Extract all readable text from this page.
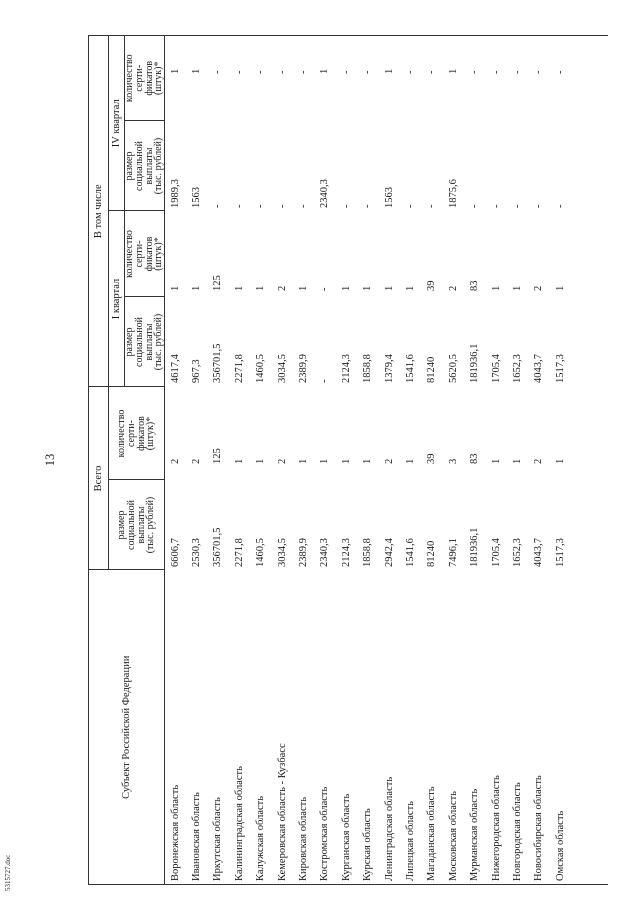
13
5315727.doc
Субъект Российской Федерации	Всего		В том числе			
	размер
социальной
выплаты
(тыс. рублей)	количество
серти-
фикатов
(штук)*	I квартал		IV квартал	
			размер
социальной
выплаты
(тыс. рублей)	количество
серти-
фикатов
(штук)*	размер
социальной
выплаты
(тыс. рублей)	количество
серти-
фикатов
(штук)*
Воронежская область	6606,7	2	4617,4	1	1989,3	1
Ивановская область	2530,3	2	967,3	1	1563	1
Иркутская область	356701,5	125	356701,5	125	-	-
Калининградская область	2271,8	1	2271,8	1	-	-
Калужская область	1460,5	1	1460,5	1	-	-
Кемеровская область - Кузбасс	3034,5	2	3034,5	2	-	-
Кировская область	2389,9	1	2389,9	1	-	-
Костромская область	2340,3	1	-	-	2340,3	1
Курганская область	2124,3	1	2124,3	1	-	-
Курская область	1858,8	1	1858,8	1	-	-
Ленинградская область	2942,4	2	1379,4	1	1563	1
Липецкая область	1541,6	1	1541,6	1	-	-
Магаданская область	81240	39	81240	39	-	-
Московская область	7496,1	3	5620,5	2	1875,6	1
Мурманская область	181936,1	83	181936,1	83	-	-
Нижегородская область	1705,4	1	1705,4	1	-	-
Новгородская область	1652,3	1	1652,3	1	-	-
Новосибирская область	4043,7	2	4043,7	2	-	-
Омская область	1517,3	1	1517,3	1	-	-
